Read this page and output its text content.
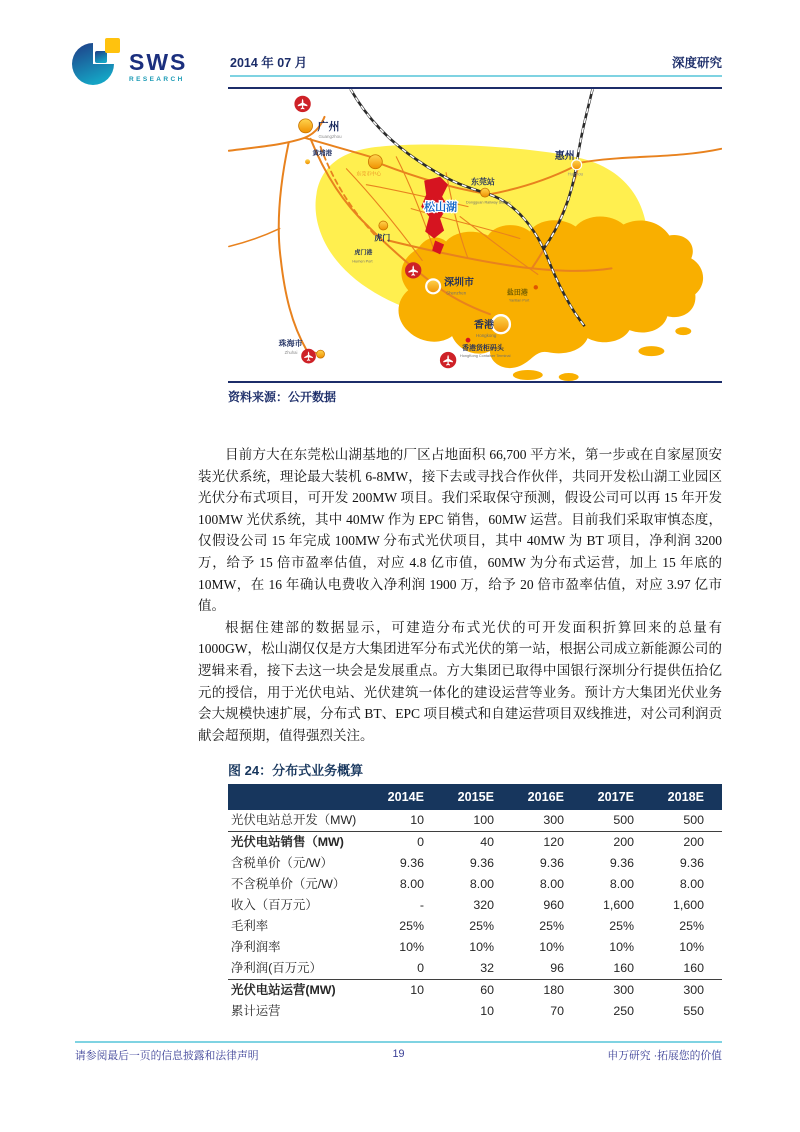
SWS
RESEARCH
2014 年 07 月	深度研究
广州
Guangzhou
黄埔港
东莞市中心
东莞站
Dongguan Railway Station
松山湖
惠州
Huizhou
虎门
虎门港
Humen Port
深圳市
Shenzhen	盐田港
Yantian Port
香港
Hongkong
香港货柜码头
HongKong Container Terminal
珠海市
Zhuhai
资料来源：公开数据

目前方大在东莞松山湖基地的厂区占地面积 66,700 平方米，第一步或在自家屋顶安装光伏系统，理论最大装机 6-8MW，接下去或寻找合作伙伴，共同开发松山湖工业园区光伏分布式项目，可开发 200MW 项目。我们采取保守预测，假设公司可以再 15 年开发 100MW 光伏系统，其中 40MW 作为 EPC 销售，60MW 运营。目前我们采取审慎态度，仅假设公司 15 年完成 100MW 分布式光伏项目，其中 40MW 为 BT 项目，净利润 3200 万，给予 15 倍市盈率估值，对应 4.8 亿市值，60MW 为分布式运营，加上 15 年底的 10MW，在 16 年确认电费收入净利润 1900 万，给予 20 倍市盈率估值，对应 3.97 亿市值。

根据住建部的数据显示，可建造分布式光伏的可开发面积折算回来的总量有 1000GW，松山湖仅仅是方大集团进军分布式光伏的第一站，根据公司成立新能源公司的逻辑来看，接下去这一块会是发展重点。方大集团已取得中国银行深圳分行提供伍拾亿元的授信，用于光伏电站、光伏建筑一体化的建设运营等业务。预计方大集团光伏业务会大规模快速扩展，分布式 BT、EPC 项目模式和自建运营项目双线推进，对公司利润贡献会超预期，值得强烈关注。

图 24：分布式业务概算
	2014E	2015E	2016E	2017E	2018E
光伏电站总开发（MW)	10	100	300	500	500
光伏电站销售（MW)	0	40	120	200	200
含税单价（元/W）	9.36	9.36	9.36	9.36	9.36
不含税单价（元/W）	8.00	8.00	8.00	8.00	8.00
收入（百万元）	-	320	960	1,600	1,600
毛利率	25%	25%	25%	25%	25%
净利润率	10%	10%	10%	10%	10%
净利润(百万元）	0	32	96	160	160
光伏电站运营(MW)	10	60	180	300	300
累计运营		10	70	250	550
请参阅最后一页的信息披露和法律声明	19	申万研究 ·拓展您的价值
